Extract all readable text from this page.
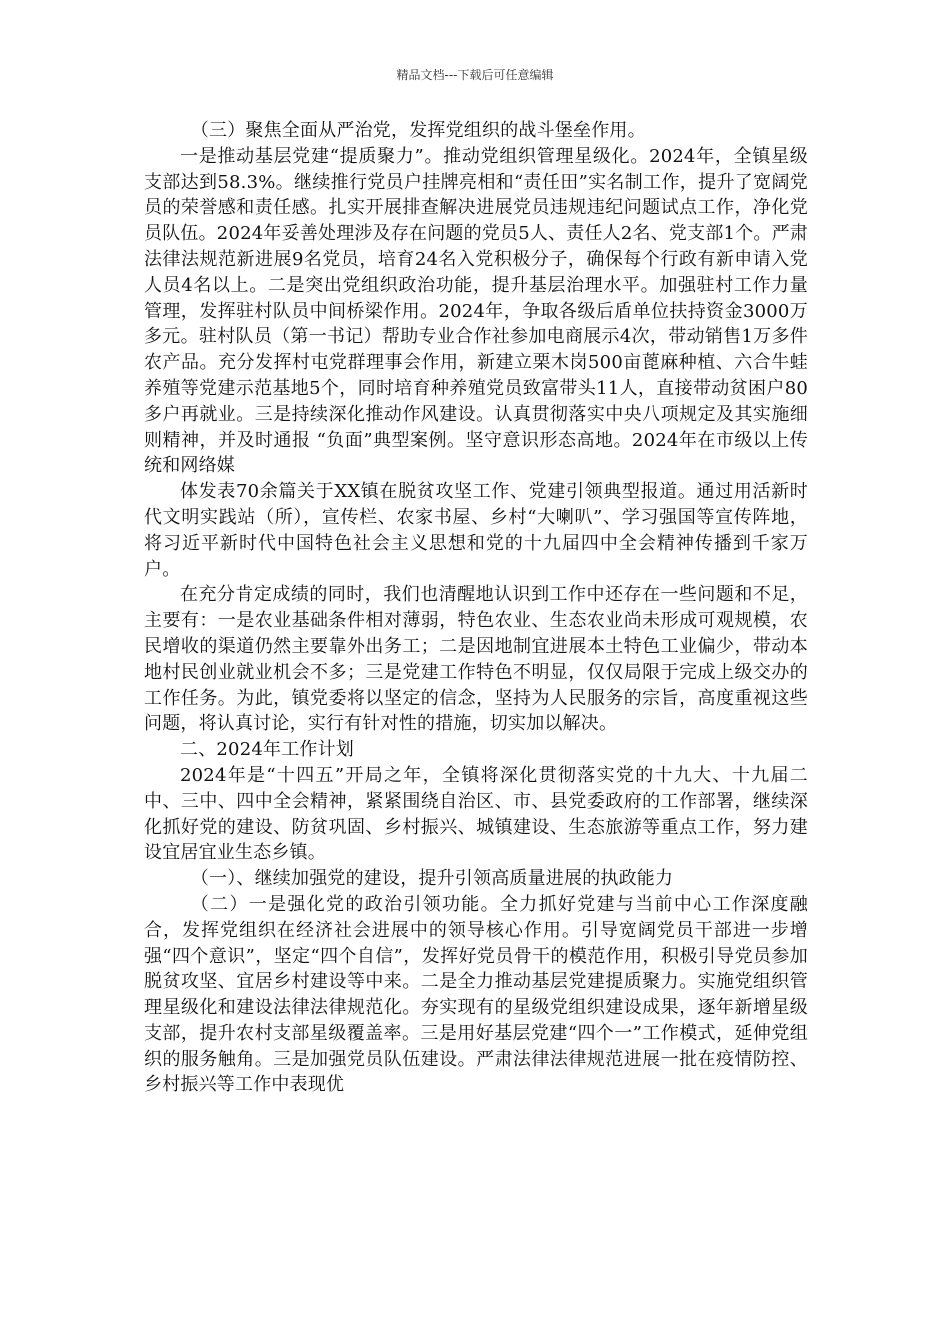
精品文档---下载后可任意编辑

（三）聚焦全面从严治党，发挥党组织的战斗堡垒作用。

一是推动基层党建“提质聚力”。推动党组织管理星级化。2024年，全镇星级支部达到58.3%。继续推行党员户挂牌亮相和“责任田”实名制工作，提升了宽阔党员的荣誉感和责任感。扎实开展排查解决进展党员违规违纪问题试点工作，净化党员队伍。2024年妥善处理涉及存在问题的党员5人、责任人2名、党支部1个。严肃法律法规范新进展9名党员，培育24名入党积极分子，确保每个行政有新申请入党人员4名以上。二是突出党组织政治功能，提升基层治理水平。加强驻村工作力量管理，发挥驻村队员中间桥梁作用。2024年，争取各级后盾单位扶持资金3000万多元。驻村队员（第一书记）帮助专业合作社参加电商展示4次，带动销售1万多件农产品。充分发挥村屯党群理事会作用，新建立栗木岗500亩蓖麻种植、六合牛蛙养殖等党建示范基地5个，同时培育种养殖党员致富带头11人，直接带动贫困户80多户再就业。三是持续深化推动作风建设。认真贯彻落实中央八项规定及其实施细则精神，并及时通报 “负面”典型案例。坚守意识形态高地。2024年在市级以上传统和网络媒

体发表70余篇关于XX镇在脱贫攻坚工作、党建引领典型报道。通过用活新时代文明实践站（所），宣传栏、农家书屋、乡村“大喇叭”、学习强国等宣传阵地，将习近平新时代中国特色社会主义思想和党的十九届四中全会精神传播到千家万户。

在充分肯定成绩的同时，我们也清醒地认识到工作中还存在一些问题和不足，主要有：一是农业基础条件相对薄弱，特色农业、生态农业尚未形成可观规模，农民增收的渠道仍然主要靠外出务工；二是因地制宜进展本土特色工业偏少，带动本地村民创业就业机会不多；三是党建工作特色不明显，仅仅局限于完成上级交办的工作任务。为此，镇党委将以坚定的信念，坚持为人民服务的宗旨，高度重视这些问题，将认真讨论，实行有针对性的措施，切实加以解决。

二、2024年工作计划

2024年是“十四五”开局之年，全镇将深化贯彻落实党的十九大、十九届二中、三中、四中全会精神，紧紧围绕自治区、市、县党委政府的工作部署，继续深化抓好党的建设、防贫巩固、乡村振兴、城镇建设、生态旅游等重点工作，努力建设宜居宜业生态乡镇。

（一）、继续加强党的建设，提升引领高质量进展的执政能力

（二）一是强化党的政治引领功能。全力抓好党建与当前中心工作深度融合，发挥党组织在经济社会进展中的领导核心作用。引导宽阔党员干部进一步增强“四个意识”，坚定“四个自信”，发挥好党员骨干的模范作用，积极引导党员参加脱贫攻坚、宜居乡村建设等中来。二是全力推动基层党建提质聚力。实施党组织管理星级化和建设法律法律规范化。夯实现有的星级党组织建设成果，逐年新增星级支部，提升农村支部星级覆盖率。三是用好基层党建“四个一”工作模式，延伸党组织的服务触角。三是加强党员队伍建设。严肃法律法律规范进展一批在疫情防控、乡村振兴等工作中表现优
